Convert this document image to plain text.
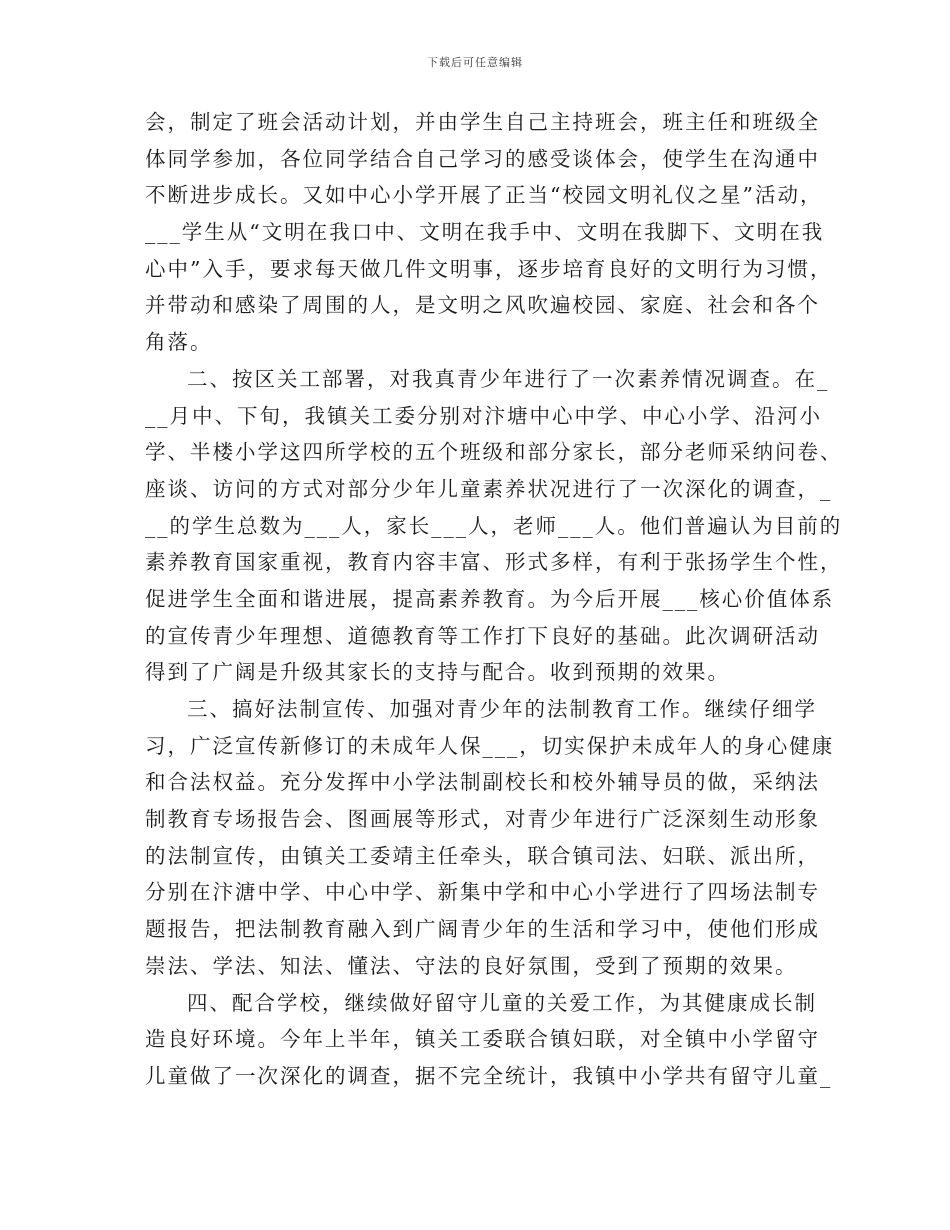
下载后可任意编辑
会，制定了班会活动计划，并由学生自己主持班会，班主任和班级全
体同学参加，各位同学结合自己学习的感受谈体会，使学生在沟通中
不断进步成长。又如中心小学开展了正当“校园文明礼仪之星”活动，
___学生从“文明在我口中、文明在我手中、文明在我脚下、文明在我
心中”入手，要求每天做几件文明事，逐步培育良好的文明行为习惯，
并带动和感染了周围的人，是文明之风吹遍校园、家庭、社会和各个
角落。
二、按区关工部署，对我真青少年进行了一次素养情况调查。在_
__月中、下旬，我镇关工委分别对汴塘中心中学、中心小学、沿河小
学、半楼小学这四所学校的五个班级和部分家长，部分老师采纳问卷、
座谈、访问的方式对部分少年儿童素养状况进行了一次深化的调查，_
__的学生总数为___人，家长___人，老师___人。他们普遍认为目前的
素养教育国家重视，教育内容丰富、形式多样，有利于张扬学生个性，
促进学生全面和谐进展，提高素养教育。为今后开展___核心价值体系
的宣传青少年理想、道德教育等工作打下良好的基础。此次调研活动
得到了广阔是升级其家长的支持与配合。收到预期的效果。
三、搞好法制宣传、加强对青少年的法制教育工作。继续仔细学
习，广泛宣传新修订的未成年人保___，切实保护未成年人的身心健康
和合法权益。充分发挥中小学法制副校长和校外辅导员的做，采纳法
制教育专场报告会、图画展等形式，对青少年进行广泛深刻生动形象
的法制宣传，由镇关工委靖主任牵头，联合镇司法、妇联、派出所，
分别在汴溏中学、中心中学、新集中学和中心小学进行了四场法制专
题报告，把法制教育融入到广阔青少年的生活和学习中，使他们形成
崇法、学法、知法、懂法、守法的良好氛围，受到了预期的效果。
四、配合学校，继续做好留守儿童的关爱工作，为其健康成长制
造良好环境。今年上半年，镇关工委联合镇妇联，对全镇中小学留守
儿童做了一次深化的调查，据不完全统计，我镇中小学共有留守儿童_
